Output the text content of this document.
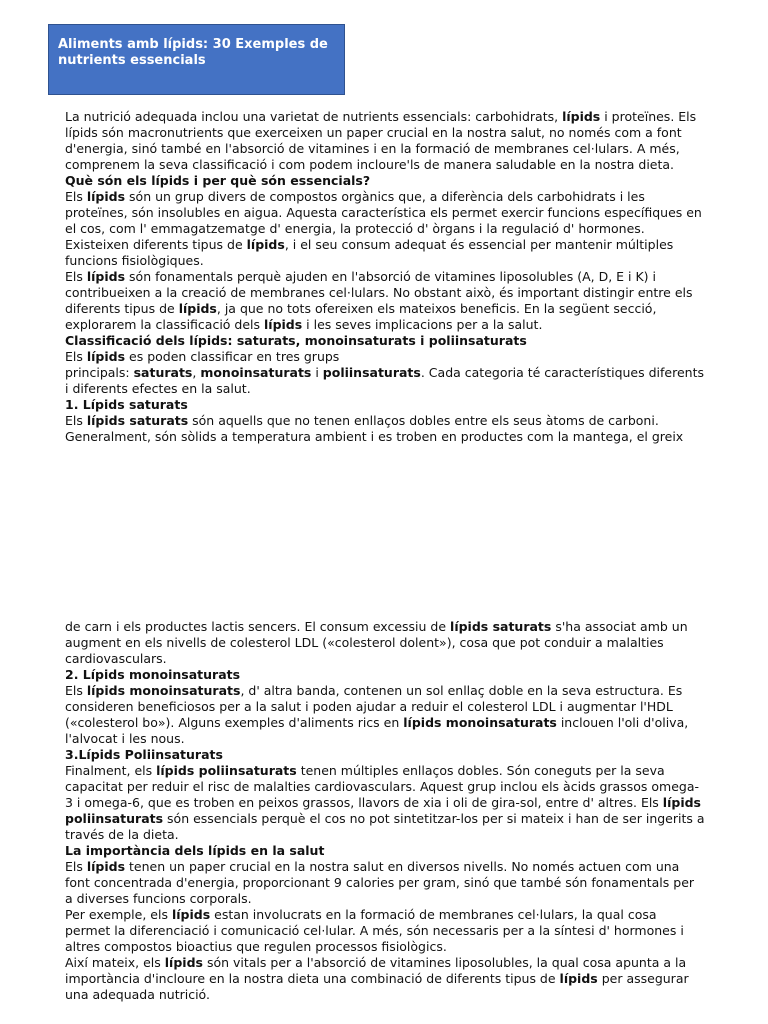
Aliments amb lípids: 30 Exemples de nutrients essencials

La nutrició adequada inclou una varietat de nutrients essencials: carbohidrats, lípids i proteïnes. Els lípids són macronutrients que exerceixen un paper crucial en la nostra salut, no només com a font d'energia, sinó també en l'absorció de vitamines i en la formació de membranes cel·lulars. A més, comprenem la seva classificació i com podem incloure'ls de manera saludable en la nostra dieta.

Què són els lípids i per què són essencials?

Els lípids són un grup divers de compostos orgànics que, a diferència dels carbohidrats i les proteïnes, són insolubles en aigua. Aquesta característica els permet exercir funcions específiques en el cos, com l' emmagatzematge d' energia, la protecció d' òrgans i la regulació d' hormones. Existeixen diferents tipus de lípids, i el seu consum adequat és essencial per mantenir múltiples funcions fisiològiques.

Els lípids són fonamentals perquè ajuden en l'absorció de vitamines liposolubles (A, D, E i K) i contribueixen a la creació de membranes cel·lulars. No obstant això, és important distingir entre els diferents tipus de lípids, ja que no tots ofereixen els mateixos beneficis. En la següent secció, explorarem la classificació dels lípids i les seves implicacions per a la salut.

Classificació dels lípids: saturats, monoinsaturats i poliinsaturats

Els lípids es poden classificar en tres grups

principals: saturats, monoinsaturats i poliinsaturats. Cada categoria té característiques diferents i diferents efectes en la salut.

1. Lípids saturats

Els lípids saturats són aquells que no tenen enllaços dobles entre els seus àtoms de carboni. Generalment, són sòlids a temperatura ambient i es troben en productes com la mantega, el greix

de carn i els productes lactis sencers. El consum excessiu de lípids saturats s'ha associat amb un augment en els nivells de colesterol LDL («colesterol dolent»), cosa que pot conduir a malalties cardiovasculars.

2. Lípids monoinsaturats

Els lípids monoinsaturats, d' altra banda, contenen un sol enllaç doble en la seva estructura. Es consideren beneficiosos per a la salut i poden ajudar a reduir el colesterol LDL i augmentar l'HDL («colesterol bo»). Alguns exemples d'aliments rics en lípids monoinsaturats inclouen l'oli d'oliva, l'alvocat i les nous.

3.Lípids Poliinsaturats

Finalment, els lípids poliinsaturats tenen múltiples enllaços dobles. Són coneguts per la seva capacitat per reduir el risc de malalties cardiovasculars. Aquest grup inclou els àcids grassos omega-3 i omega-6, que es troben en peixos grassos, llavors de xia i oli de gira-sol, entre d' altres. Els lípids poliinsaturats són essencials perquè el cos no pot sintetitzar-los per si mateix i han de ser ingerits a través de la dieta.

La importància dels lípids en la salut

Els lípids tenen un paper crucial en la nostra salut en diversos nivells. No només actuen com una font concentrada d'energia, proporcionant 9 calories per gram, sinó que també són fonamentals per a diverses funcions corporals.

Per exemple, els lípids estan involucrats en la formació de membranes cel·lulars, la qual cosa permet la diferenciació i comunicació cel·lular. A més, són necessaris per a la síntesi d' hormones i altres compostos bioactius que regulen processos fisiològics.

Així mateix, els lípids són vitals per a l'absorció de vitamines liposolubles, la qual cosa apunta a la importància d'incloure en la nostra dieta una combinació de diferents tipus de lípids per assegurar una adequada nutrició.
